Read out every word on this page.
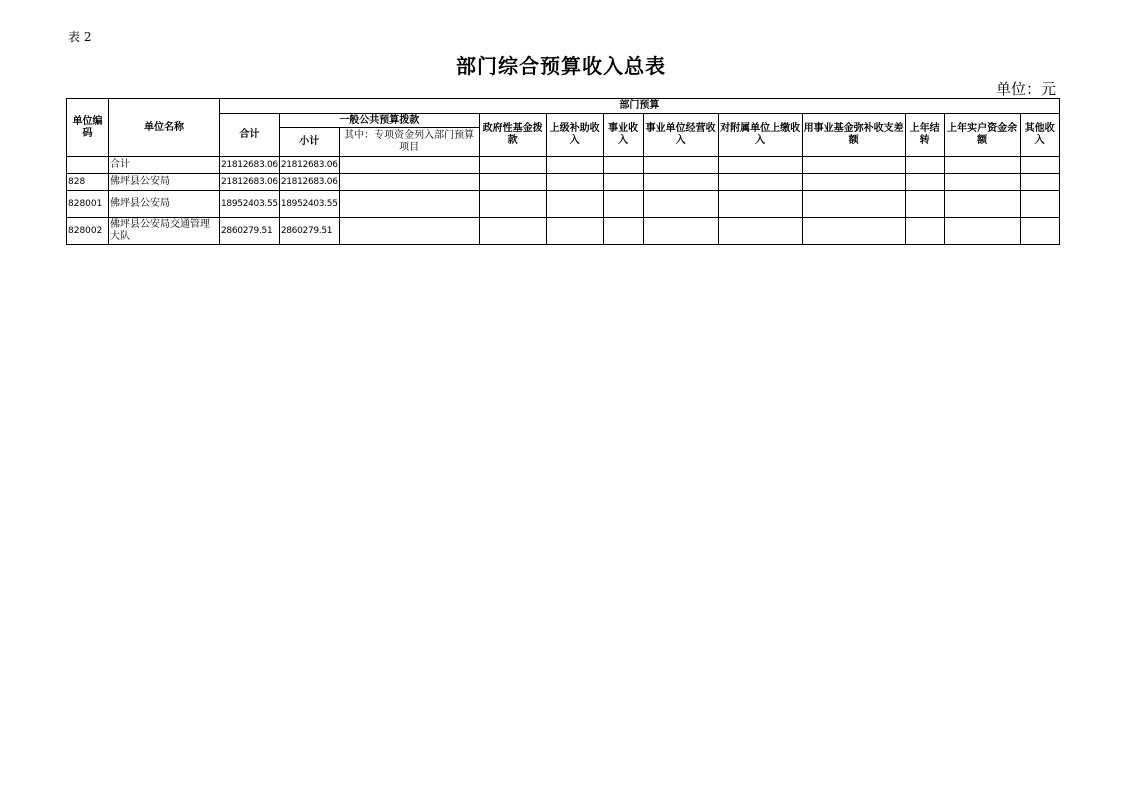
表 2
部门综合预算收入总表
单位：元
单位编码	单位名称	部门预算											
		合计	一般公共预算拨款		政府性基金拨款	上级补助收入	事业收入	事业单位经营收入	对附属单位上缴收入	用事业基金弥补收支差额	上年结转	上年实户资金余额	其他收入
			小计	其中：专项资金列入部门预算项目									
	合计	21812683.06	21812683.06										
828	佛坪县公安局	21812683.06	21812683.06										
828001	佛坪县公安局	18952403.55	18952403.55										
828002	佛坪县公安局交通管理大队	2860279.51	2860279.51										
